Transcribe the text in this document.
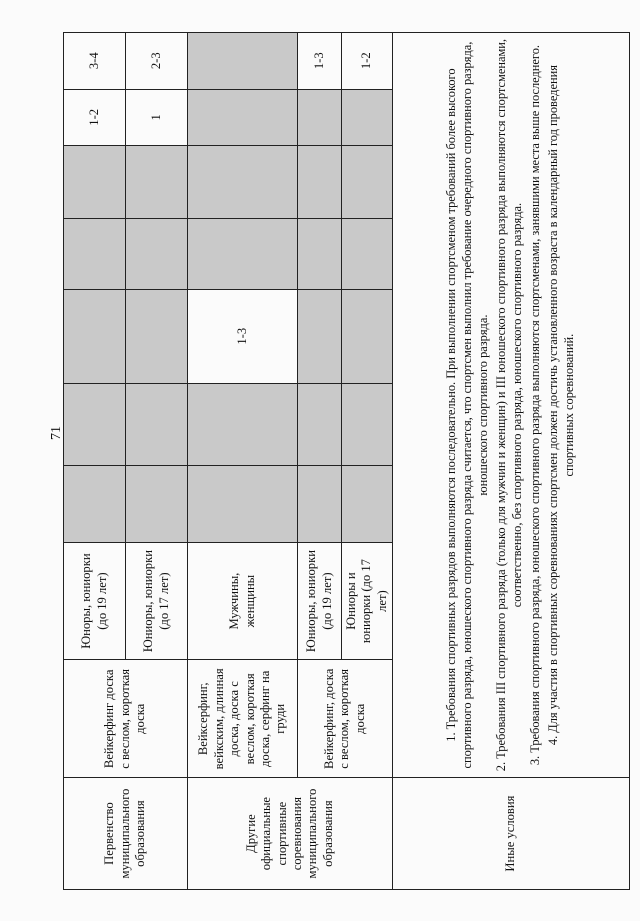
71
Первенство муниципального образования	Вейкерфинг доска с веслом, короткая доска	Юноры, юниорки (до 19 лет)						1-2	3-4
		Юниоры, юниорки (до 17 лет)						1	2-3
Другие официальные спортивные соревнования муниципального образования	Вейксерфинг, вейкским, длинная доска, доска с веслом, короткая доска, серфинг на груди	Мужчины, женщины			1-3				
	Вейкерфинг, доска с веслом, короткая доска	Юниоры, юниорки (до 19 лет)							1-3
		Юниоры и юниорки (до 17 лет)							1-2
Иные условия	1. Требования спортивных разрядов выполняются последовательно. При выполнении спортсменом требований более высокого спортивного разряда, юношеского спортивного разряда считается, что спортсмен выполнил требование очередного спортивного разряда, юношеского спортивного разряда. 2. Требования III спортивного разряда (только для мужчин и женщин) и III юношеского спортивного разряда выполняются спортсменами, соответственно, без спортивного разряда, юношеского спортивного разряда. 3. Требования спортивного разряда, юношеского спортивного разряда выполняются спортсменами, занявшими места выше последнего. 4. Для участия в спортивных соревнованиях спортсмен должен достичь установленного возраста в календарный год проведения спортивных соревнований.								
